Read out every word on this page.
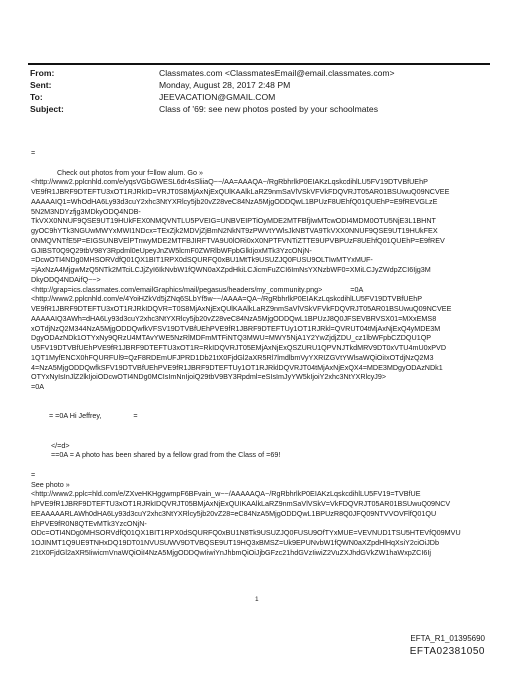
From:	Classmates.com <ClassmatesEmail@email.classmates.com>
Sent:	Monday, August 28, 2017 2:48 PM
To:	JEEVACATION@GMAIL.COM
Subject:	Class of '69: see new photos posted by your schoolmates
=
Check out photos from your f=llow alum. Go »
<http://www2.pplcnhld.com/e/yqsVGbGWESL6dr4sSliiaQ~~/AA=AAAQA~/RgRbhrlkP0EIAKzLqskcdihlLU5FV19DTVBfUEhP
VE9fR1JBRF9DTEFTU3xOT1RJRkID=VRJT0S8MjAxNjExQUlKAAlkLaRZ9nmSaVlVSkVFVkFDQVRJT05AR01BSUwuQ09NCVEE
AAAAAIQ1=WhOdHA6Ly93d3cuY2xhc3NtYXRlcy5jb20vZ28veC84NzA5MjgODDQwL1BPUzF8UEhfQ01QUEhP=E9fREVGLzE
5N2M3NDYzfjg3MDkyODQ4NDB-
TkVXX0NNUF9QSE9UT19HUkFEX0NMQVNTLU5PVEIG=UNBVEIPTiOyMDE2MTFBfjIwMTcwODI4MDM0OTU5NjE3L1BHNT
gyOC9hYTk3NGUwMWYxMWI1NDcx=TExZjk2MDVjZjBmN2NkNT9zPWVtYWlsJkNBTVA9TkVXX0NNUF9QSE9UT19HUkFEX
0NMQVNTfE5P=EIGSUNBVElPTnwyMDE2MTFBJIRFTVA9U0lORi0xX0NPTFVNTiZTTE9UPVBPUzF8UEhfQ01QUEhP=E9fREV
GJIBST0Q9Q29tbV98Y3Rpdml0eUpeyJnZW5lcmF0ZWRlbWFpbGlkIjoxMTk3YzcONjN-
=DcwOTI4NDg0MHSORVdfQ01QX1BIT1RPX0dSQURFQ0xBU1MtTk9USUZJQ0FUSU9OLTIwMTYxMUF-
=jAxNzA4MjgwMzQ5NTk2MTciLCJjZyI6IkNvbW1fQWN0aXZpdHkiLCJicmFuZCI6ImNsYXNzbWF0=XMiLCJyZWdpZCI6Ijg3M
DkyODQ4NDAifQ~~>
<http://grap=ics.classmates.com/emailGraphics/mail/pegasus/headers/my_community.png>              =0A
<http://www2.pplcnhld.com/e/4YoiHZkVd5jZNq6SLbYf5w~~/AAAA=QA~/RgRbhrlkP0EIAKzLqskcdihlLU5FV19DTVBfUEhP
VE9fR1JBRF9DTEFTU3xOT1RJRkIDQVR=T0S8MjAxNjExQUlKAAlkLaRZ9nmSaVlVSkVFVkFDQVRJT05AR01BSUwuQ09NCVEE
AAAAAIQ3AWh=dHA6Ly93d3cuY2xhc3NtYXRlcy5jb20vZ28veC84NzA5MjgODDQwL1BPUzJ8Q0JFSEVBRVSX01=MXxEMS8
xOTdjNzQ2M344NzA5MjgODDQwfkVFSV19DTVBfUEhPVE9fR1JBRF9DTEFTUy1OT1RJRkl=QVRUT04tMjAxNjExQ4yMDE3M
DgyODAzNDk1OTYxNy9QRzU4MTAvYWE5NzRlMDFmMTFiNTQ3MWU=MWY5NjA1Y2YwZjdjZDU_cz1lbWFpbCZDQU1QP
U5FV19DTVBfUEhPVE9fR1JBRF9DTEFTU3xOT1R=RkIDQVRJT05EMjAxNjExQSZURU1QPVNJTkdMRV9DT0xVTU4mU0xPVD
1QT1MyfENCX0hFQURFUl9=QzF8RDEmUFJPRD1Db21tX0FjdGl2aXR5Rl7lmdlbmVyYXRIZGVtYWlsaWQiOiIxOTdjNzQ2M3
4=NzA5MjgODDQwfkSFV19DTVBfUEhPVE9fR1JBRF9DTEFTUy1OT1RJRklDQVRJT04tMjAxNjExQX4=MDE3MDgyODAzNDk1
OTYxNyIsInJlZ2lkIjoiODcwOTI4NDg0MCIsImNnIjoiQ29tbV9BY3Rpdml=eSIsImJyYW5kIjoiY2xhc3NtYXRlcyJ9>
=0A
= =0A Hi Jeffrey,                =
</=d>
==0A = A photo has been shared by a fellow grad from the Class of =69!
=
See photo »
<http://www2.pplc=hld.com/e/ZXveHKHggwmpF6BFvain_w~~/AAAAAQA~/RgRbhrlkP0EIAKzLqskcdihlLU5FV19=TVBfUE
hPVE9fR1JBRF9DTEFTU3xOT1RJRkIDQVRJT05BMjAxNjExQUIKAAlkLaRZ9nmSaVlVSkV=VkFDQVRJT05AR01BSUwuQ09NCV
EEAAAAARLAWh0dHA6Ly93d3cuY2xhc3NtYXRlcy5jb20vZ28=eC84NzA5MjgODDQwL1BPUzR8Q0JFQ09NTVVOVFlfQ01QU
EhPVE9fR0N8QTEvMTk3YzcONjN-
ODc=OTI4NDg0MHSORVdfQ01QX1BIT1RPX0dSQURFQ0xBU1N8Tk9USUZJQ0FUSU9OfTYxMUE=VEVNUD1TSU5HTEVfQ09MVU
1OJINMT1Q9UE9TNHxDQ19DT01NVUSUWV9DTVBQSE9UT19HQ3xBMSZ=Uk9EPUNvbW1fQWN0aXZpdHlHqXsiY2ciOiJDb
21tX0FjdGl2aXR5IiwicmVnaWQiOiI4NzA5MjgODDQwIiwiYnJhbmQiOiJjbGFzc21hdGVzIiwiZ2VuZXJhdGVkZW1haWxpZCI6Ij
1
EFTA_R1_01395690
EFTA02381050
